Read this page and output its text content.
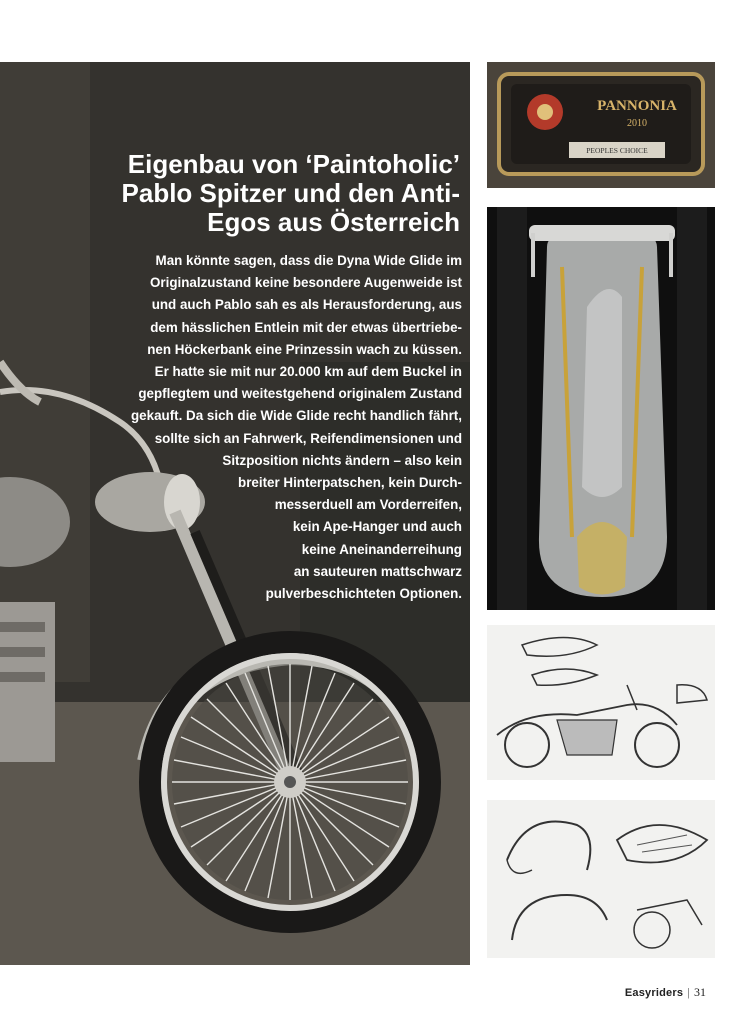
Eigenbau von ‘Paintoholic’
Pablo Spitzer und den Anti-
Egos aus Österreich
Man könnte sagen, dass die Dyna Wide Glide im
Originalzustand keine besondere Augenweide ist
und auch Pablo sah es als Herausforderung, aus
dem hässlichen Entlein mit der etwas übertriebe-
nen Höckerbank eine Prinzessin wach zu küssen.
Er hatte sie mit nur 20.000 km auf dem Buckel in
gepflegtem und weitestgehend originalem Zustand
gekauft. Da sich die Wide Glide recht handlich fährt,
sollte sich an Fahrwerk, Reifendimensionen und
Sitzposition nichts ändern – also kein
breiter Hinterpatschen, kein Durch-
messerduell am Vorderreifen,
kein Ape-Hanger und auch
keine Aneinanderreihung
an sauteuren mattschwarz
pulverbeschichteten Optionen.
PANNONIA
2010
PEOPLES CHOICE
Easyriders | 31
